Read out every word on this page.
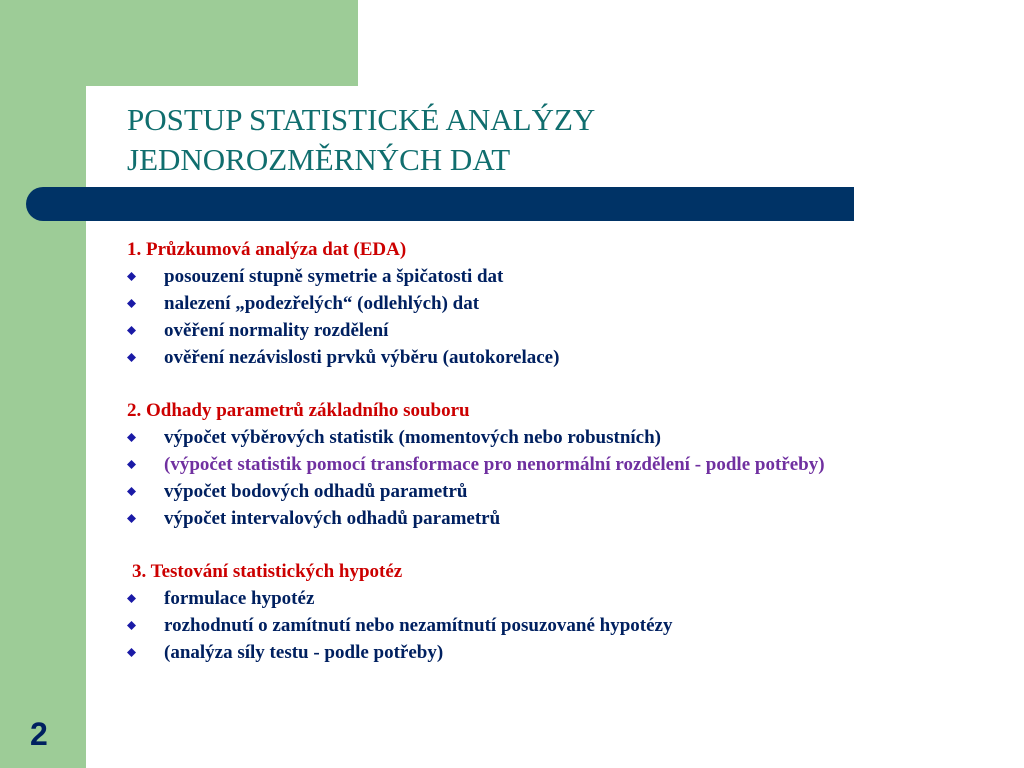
POSTUP STATISTICKÉ ANALÝZY
JEDNOROZMĚRNÝCH DAT
1. Průzkumová analýza dat (EDA)
posouzení stupně symetrie a špičatosti dat
nalezení „podezřelých“ (odlehlých) dat
ověření normality rozdělení
ověření nezávislosti prvků výběru (autokorelace)
2. Odhady parametrů základního souboru
výpočet výběrových statistik (momentových nebo robustních)
(výpočet statistik pomocí transformace pro nenormální rozdělení - podle potřeby)
výpočet bodových odhadů parametrů
výpočet intervalových odhadů parametrů
3. Testování statistických hypotéz
formulace hypotéz
rozhodnutí o zamítnutí nebo nezamítnutí posuzované hypotézy
(analýza síly testu - podle potřeby)
2
